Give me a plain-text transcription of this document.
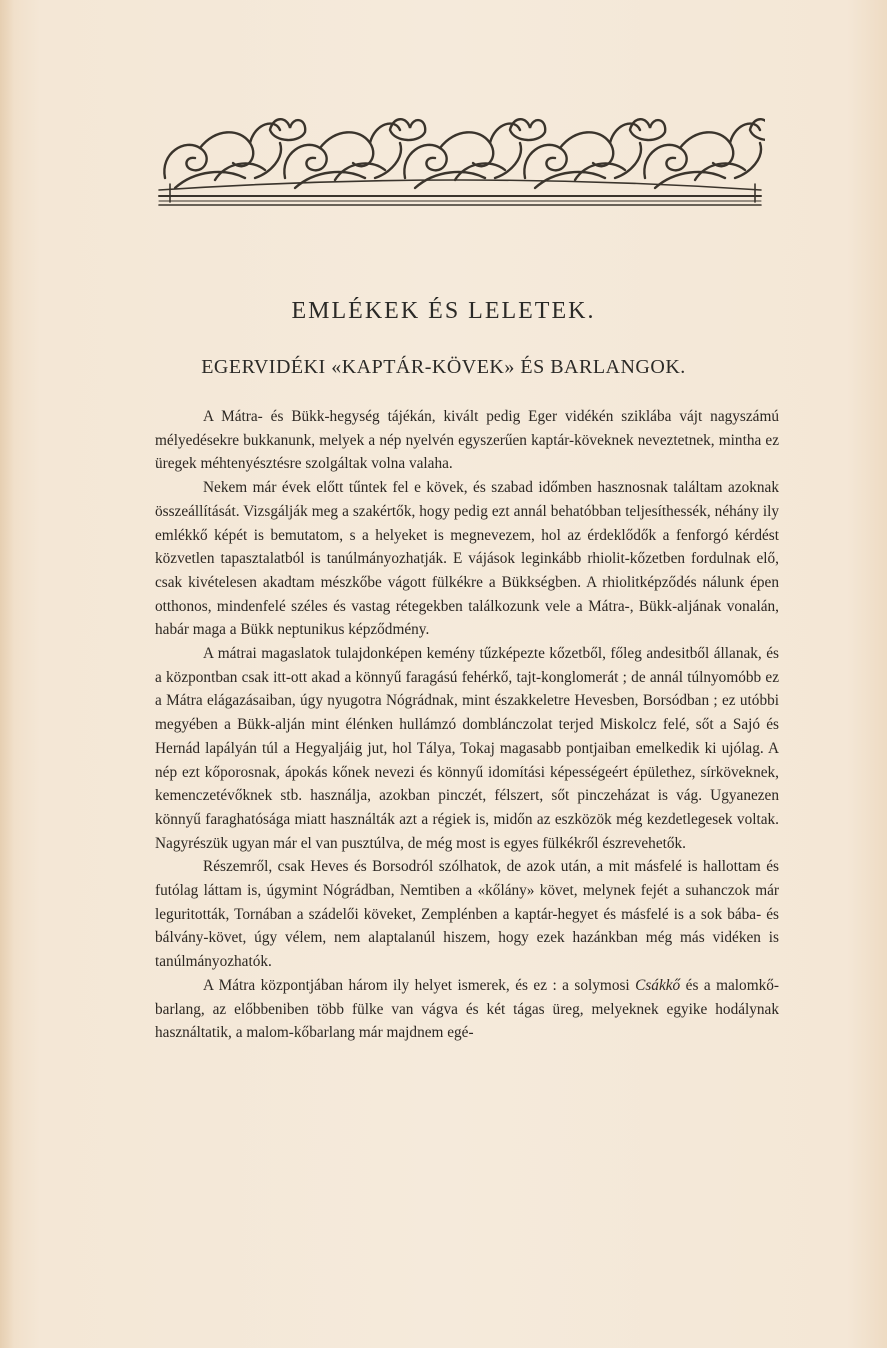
EMLÉKEK ÉS LELETEK.
EGERVIDÉKI «KAPTÁR-KÖVEK» ÉS BARLANGOK.

A Mátra- és Bükk-hegység tájékán, kivált pedig Eger vidékén sziklába vájt nagyszámú mélyedésekre bukkanunk, melyek a nép nyelvén egyszerűen kaptár-köveknek neveztetnek, mintha ez üregek méhtenyésztésre szolgáltak volna valaha.

Nekem már évek előtt tűntek fel e kövek, és szabad időmben hasznosnak találtam azoknak összeállítását. Vizsgálják meg a szakértők, hogy pedig ezt annál behatóbban teljesíthessék, néhány ily emlékkő képét is bemutatom, s a helyeket is megnevezem, hol az érdeklődők a fenforgó kérdést közvetlen tapasztalatból is tanúlmányozhatják. E vájások leginkább rhiolit-kőzetben fordulnak elő, csak kivételesen akadtam mészkőbe vágott fülkékre a Bükkségben. A rhiolitképződés nálunk épen otthonos, mindenfelé széles és vastag rétegekben találkozunk vele a Mátra-, Bükk-aljának vonalán, habár maga a Bükk neptunikus képződmény.

A mátrai magaslatok tulajdonképen kemény tűzképezte kőzetből, főleg andesitből állanak, és a központban csak itt-ott akad a könnyű faragású fehérkő, tajt-konglomerát ; de annál túlnyomóbb ez a Mátra elágazásaiban, úgy nyugotra Nógrádnak, mint északkeletre Hevesben, Borsódban ; ez utóbbi megyében a Bükk-alján mint élénken hullámzó domblánczolat terjed Miskolcz felé, sőt a Sajó és Hernád lapályán túl a Hegyaljáig jut, hol Tálya, Tokaj magasabb pontjaiban emelkedik ki ujólag. A nép ezt kőporosnak, ápokás kőnek nevezi és könnyű idomítási képességeért épülethez, sírköveknek, kemenczetévőknek stb. használja, azokban pinczét, félszert, sőt pinczeházat is vág. Ugyanezen könnyű faraghatósága miatt használták azt a régiek is, midőn az eszközök még kezdetlegesek voltak. Nagyrészük ugyan már el van pusztúlva, de még most is egyes fülkékről észrevehetők.

Részemről, csak Heves és Borsodról szólhatok, de azok után, a mit másfelé is hallottam és futólag láttam is, úgymint Nógrádban, Nemtiben a «kőlány» követ, melynek fejét a suhanczok már leguritották, Tornában a szádelői köveket, Zemplénben a kaptár-hegyet és másfelé is a sok bába- és bálvány-követ, úgy vélem, nem alaptalanúl hiszem, hogy ezek hazánkban még más vidéken is tanúlmányozhatók.

A Mátra központjában három ily helyet ismerek, és ez : a solymosi Csákkő és a malomkő-barlang, az előbbeniben több fülke van vágva és két tágas üreg, melyeknek egyike hodálynak használtatik, a malom-kőbarlang már majdnem egé-
